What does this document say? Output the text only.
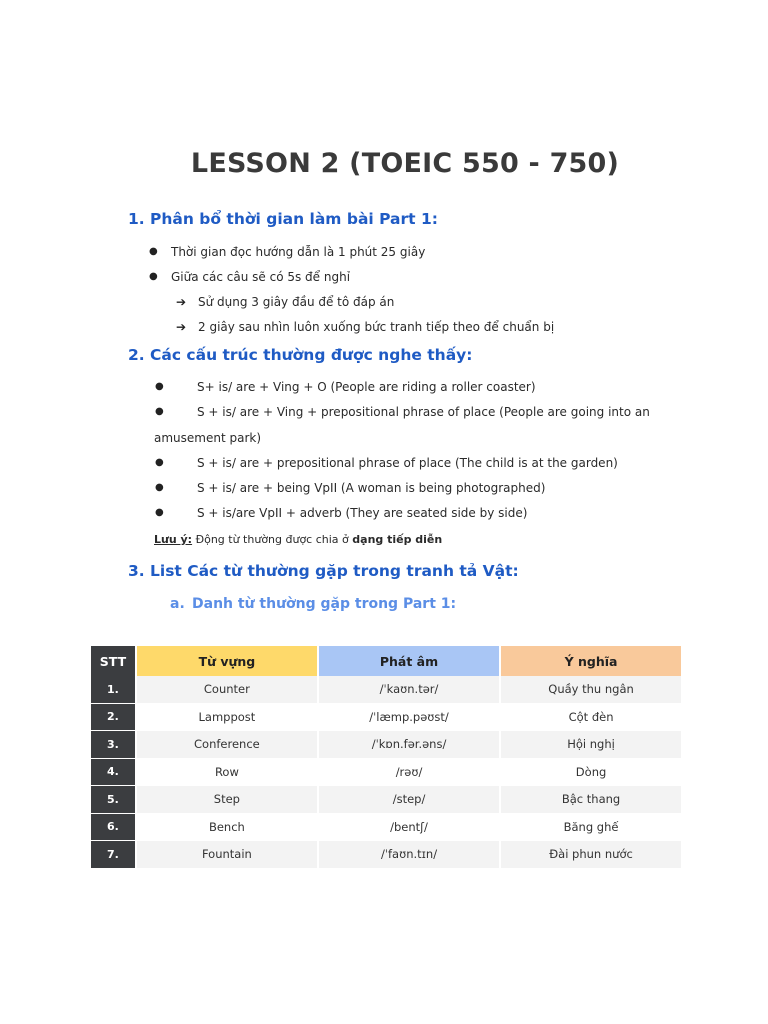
LESSON 2 (TOEIC 550 - 750)
1. Phân bổ thời gian làm bài Part 1:
● Thời gian đọc hướng dẫn là 1 phút 25 giây
● Giữa các câu sẽ có 5s để nghỉ
➔ Sử dụng 3 giây đầu để tô đáp án
➔ 2 giây sau nhìn luôn xuống bức tranh tiếp theo để chuẩn bị
2. Các cấu trúc thường được nghe thấy:
●	S+ is/ are + Ving + O (People are riding a roller coaster)
●	S + is/ are + Ving + prepositional phrase of place (People are going into an
amusement park)
●	S + is/ are + prepositional phrase of place (The child is at the garden)
●	S + is/ are + being VpII (A woman is being photographed)
●	S + is/are VpII + adverb (They are seated side by side)
Lưu ý: Động từ thường được chia ở dạng tiếp diễn
3. List Các từ thường gặp trong tranh tả Vật:
a. Danh từ thường gặp trong Part 1:
STT	Từ vựng	Phát âm	Ý nghĩa
1.	Counter	/ˈkaʊn.tər/	Quầy thu ngân
2.	Lamppost	/ˈlæmp.pəʊst/	Cột đèn
3.	Conference	/ˈkɒn.fər.əns/	Hội nghị
4.	Row	/rəʊ/	Dòng
5.	Step	/step/	Bậc thang
6.	Bench	/bentʃ/	Băng ghế
7.	Fountain	/ˈfaʊn.tɪn/	Đài phun nước
